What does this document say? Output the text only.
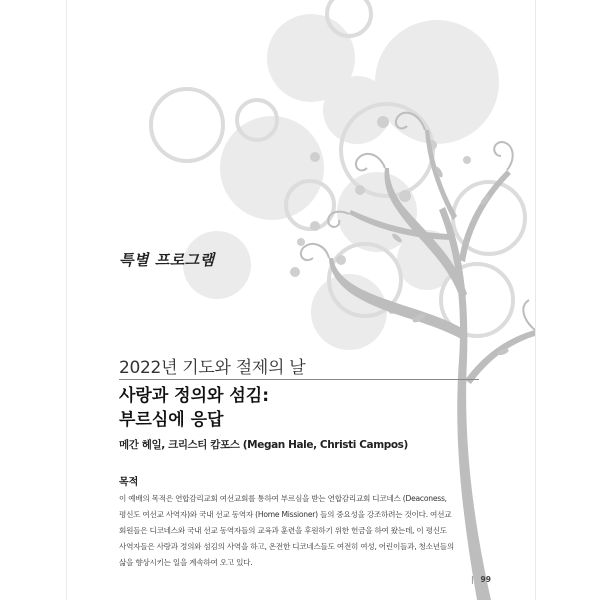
특별 프로그램
2022년 기도와 절제의 날
사랑과 정의와 섬김:
부르심에 응답
메간 헤일, 크리스티 캄포스 (Megan Hale, Christi Campos)
목적
이 예배의 목적은 연합감리교회 여선교회를 통하여 부르심을 받는 연합감리교회 디코네스 (Deaconess,
평신도 여선교 사역자)와 국내 선교 동역자 (Home Missioner) 들의 중요성을 강조하려는 것이다. 여선교
회원들은 디코네스와 국내 선교 동역자들의 교육과 훈련을 후원하기 위한 헌금을 하여 왔는데, 이 평신도
사역자들은 사랑과 정의와 섬김의 사역을 하고, 온전한 디코네스들도 여전히 여성, 어린이들과, 청소년들의
삶을 향상시키는 일을 계속하여 오고 있다.
| 99
